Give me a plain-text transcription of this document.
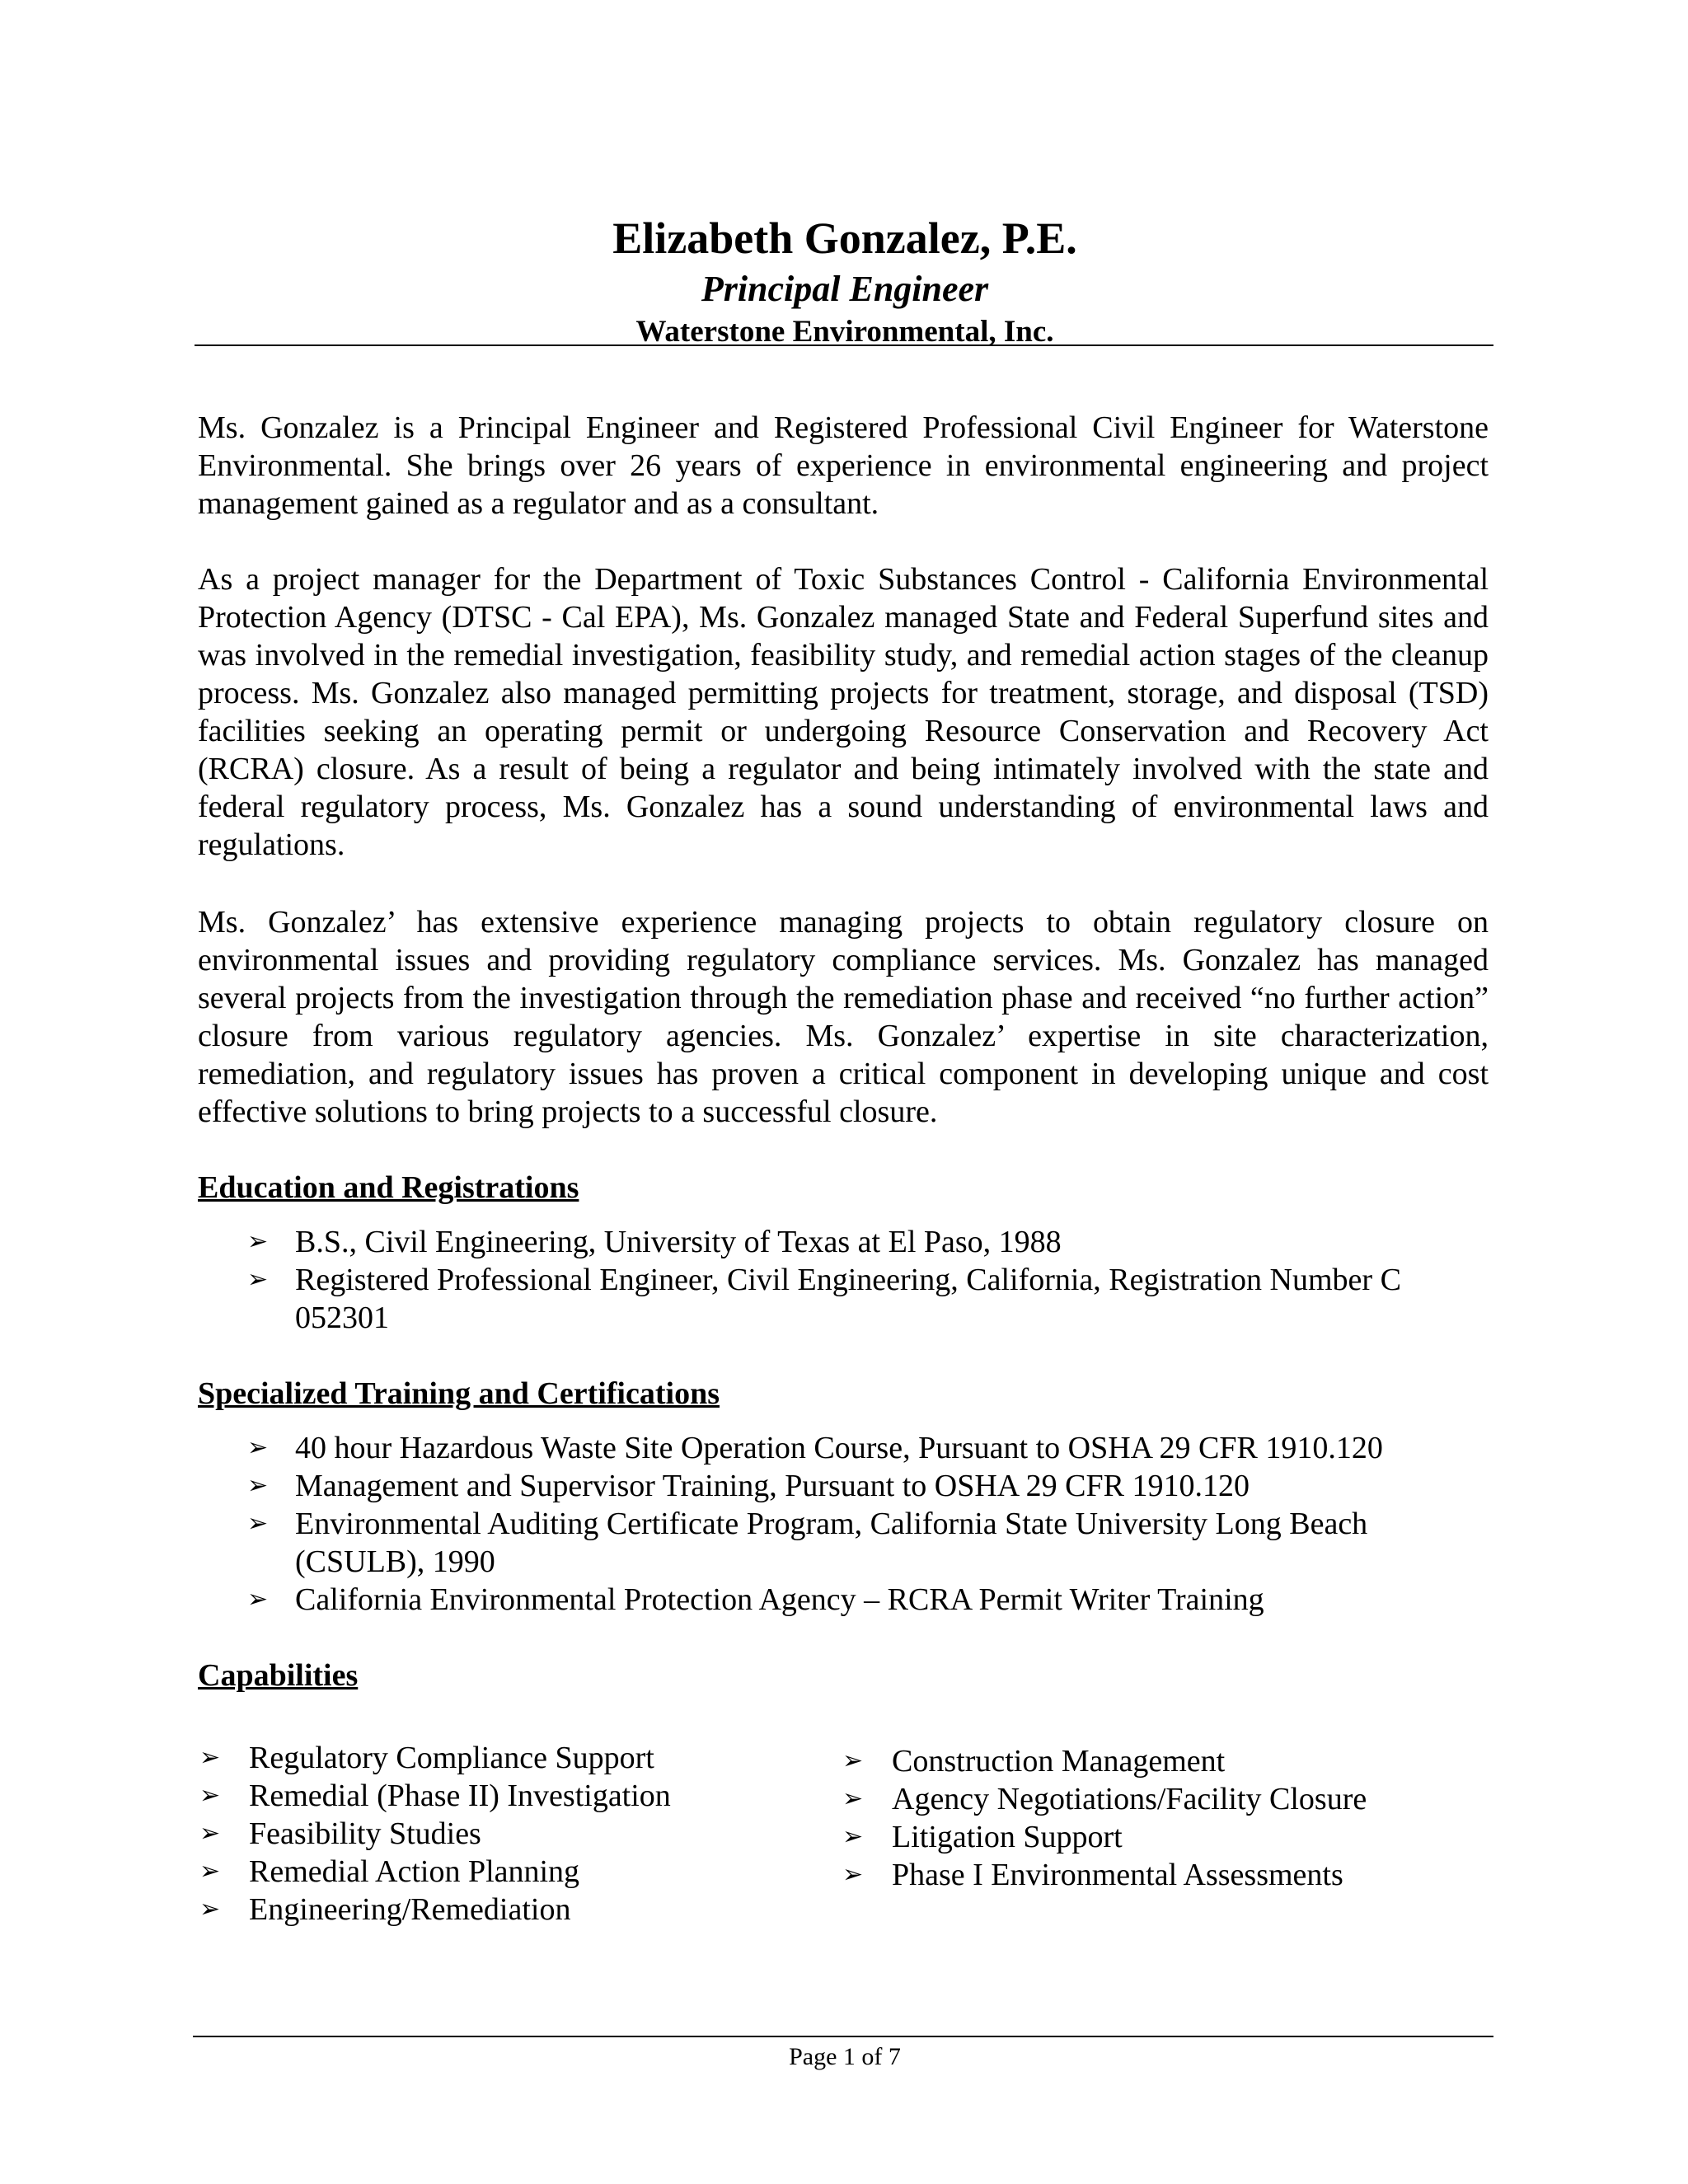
Elizabeth Gonzalez, P.E.

Principal Engineer

Waterstone Environmental, Inc.

Ms. Gonzalez is a Principal Engineer and Registered Professional Civil Engineer for Waterstone Environmental. She brings over 26 years of experience in environmental engineering and project management gained as a regulator and as a consultant.

As a project manager for the Department of Toxic Substances Control - California Environmental Protection Agency (DTSC - Cal EPA), Ms. Gonzalez managed State and Federal Superfund sites and was involved in the remedial investigation, feasibility study, and remedial action stages of the cleanup process. Ms. Gonzalez also managed permitting projects for treatment, storage, and disposal (TSD) facilities seeking an operating permit or undergoing Resource Conservation and Recovery Act (RCRA) closure. As a result of being a regulator and being intimately involved with the state and federal regulatory process, Ms. Gonzalez has a sound understanding of environmental laws and regulations.

Ms. Gonzalez’ has extensive experience managing projects to obtain regulatory closure on environmental issues and providing regulatory compliance services. Ms. Gonzalez has managed several projects from the investigation through the remediation phase and received “no further action” closure from various regulatory agencies. Ms. Gonzalez’ expertise in site characterization, remediation, and regulatory issues has proven a critical component in developing unique and cost effective solutions to bring projects to a successful closure.

Education and Registrations

➢ B.S., Civil Engineering, University of Texas at El Paso, 1988
➢ Registered Professional Engineer, Civil Engineering, California, Registration Number C 052301

Specialized Training and Certifications

➢ 40 hour Hazardous Waste Site Operation Course, Pursuant to OSHA 29 CFR 1910.120
➢ Management and Supervisor Training, Pursuant to OSHA 29 CFR 1910.120
➢ Environmental Auditing Certificate Program, California State University Long Beach (CSULB), 1990
➢ California Environmental Protection Agency – RCRA Permit Writer Training

Capabilities

➢ Regulatory Compliance Support
➢ Remedial (Phase II) Investigation
➢ Feasibility Studies
➢ Remedial Action Planning
➢ Engineering/Remediation
➢ Construction Management
➢ Agency Negotiations/Facility Closure
➢ Litigation Support
➢ Phase I Environmental Assessments
Page 1 of 7
